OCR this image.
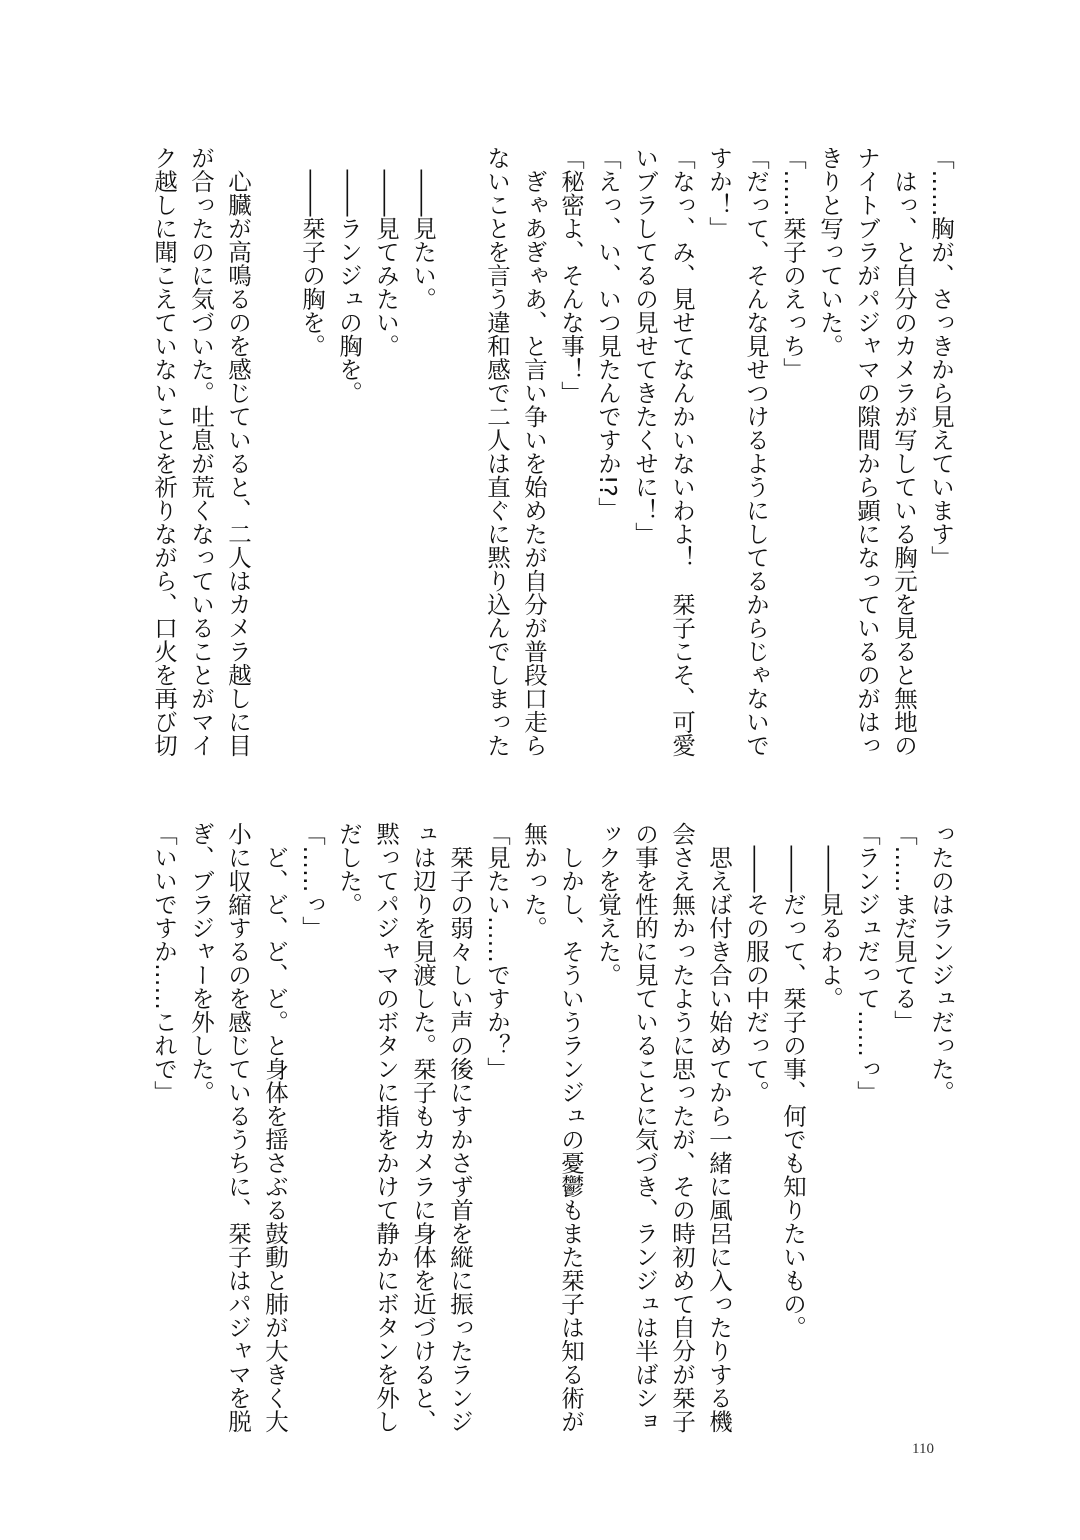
「……胸が、さっきから見えています」
　はっ、と自分のカメラが写している胸元を見ると無地の
ナイトブラがパジャマの隙間から顕になっているのがはっ
きりと写っていた。
「……栞子のえっち」
「だって、そんな見せつけるようにしてるからじゃないで
すか！」
「なっ、み、見せてなんかいないわよ！　栞子こそ、可愛
いブラしてるの見せてきたくせに！」
「えっ、い、いつ見たんですか!?」
「秘密よ、そんな事！」
　ぎゃあぎゃあ、と言い争いを始めたが自分が普段口走ら
ないことを言う違和感で二人は直ぐに黙り込んでしまった
　――見たい。
　――見てみたい。
　――ランジュの胸を。
　――栞子の胸を。
　心臓が高鳴るのを感じていると、二人はカメラ越しに目
が合ったのに気づいた。吐息が荒くなっていることがマイ
ク越しに聞こえていないことを祈りながら、口火を再び切
ったのはランジュだった。
「……まだ見てる」
「ランジュだって……っ」
　――見るわよ。
　――だって、栞子の事、何でも知りたいもの。
　――その服の中だって。
　思えば付き合い始めてから一緒に風呂に入ったりする機
会さえ無かったように思ったが、その時初めて自分が栞子
の事を性的に見ていることに気づき、ランジュは半ばショ
ックを覚えた。
　しかし、そういうランジュの憂鬱もまた栞子は知る術が
無かった。
「見たい……ですか？」
　栞子の弱々しい声の後にすかさず首を縦に振ったランジ
ュは辺りを見渡した。栞子もカメラに身体を近づけると、
黙ってパジャマのボタンに指をかけて静かにボタンを外し
だした。
「……っ」
　ど、ど、ど、ど。と身体を揺さぶる鼓動と肺が大きく大
小に収縮するのを感じているうちに、栞子はパジャマを脱
ぎ、ブラジャーを外した。
「いいですか……これで」
110
